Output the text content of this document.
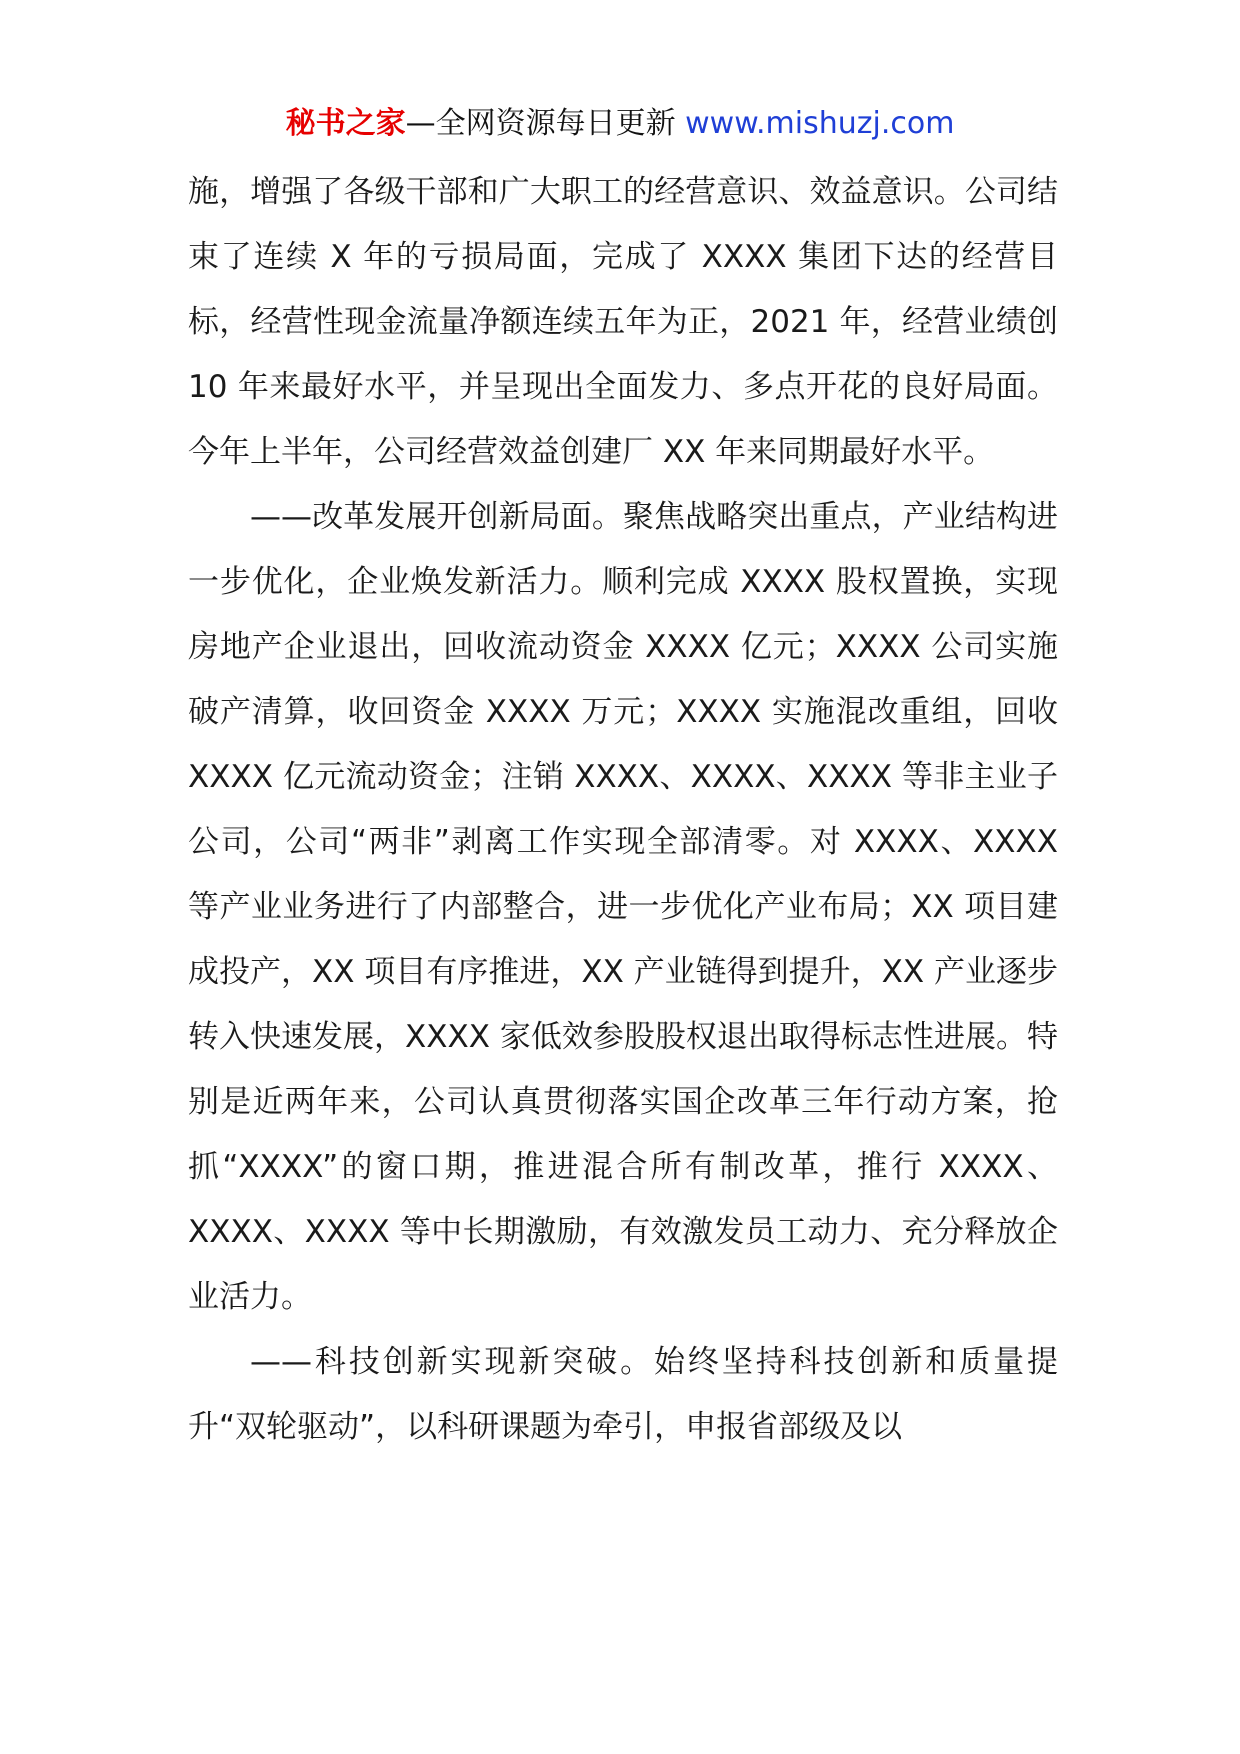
秘书之家—全网资源每日更新 www.mishuzj.com

施，增强了各级干部和广大职工的经营意识、效益意识。公司结束了连续 X 年的亏损局面，完成了 XXXX 集团下达的经营目标，经营性现金流量净额连续五年为正，2021 年，经营业绩创 10 年来最好水平，并呈现出全面发力、多点开花的良好局面。今年上半年，公司经营效益创建厂 XX 年来同期最好水平。

——改革发展开创新局面。聚焦战略突出重点，产业结构进一步优化，企业焕发新活力。顺利完成 XXXX 股权置换，实现房地产企业退出，回收流动资金 XXXX 亿元；XXXX 公司实施破产清算，收回资金 XXXX 万元；XXXX 实施混改重组，回收 XXXX 亿元流动资金；注销 XXXX、XXXX、XXXX 等非主业子公司，公司“两非”剥离工作实现全部清零。对 XXXX、XXXX 等产业业务进行了内部整合，进一步优化产业布局；XX 项目建成投产，XX 项目有序推进，XX 产业链得到提升，XX 产业逐步转入快速发展，XXXX 家低效参股股权退出取得标志性进展。特别是近两年来，公司认真贯彻落实国企改革三年行动方案，抢抓“XXXX”的窗口期，推进混合所有制改革，推行 XXXX、XXXX、XXXX 等中长期激励，有效激发员工动力、充分释放企业活力。

——科技创新实现新突破。始终坚持科技创新和质量提升“双轮驱动”，以科研课题为牵引，申报省部级及以
